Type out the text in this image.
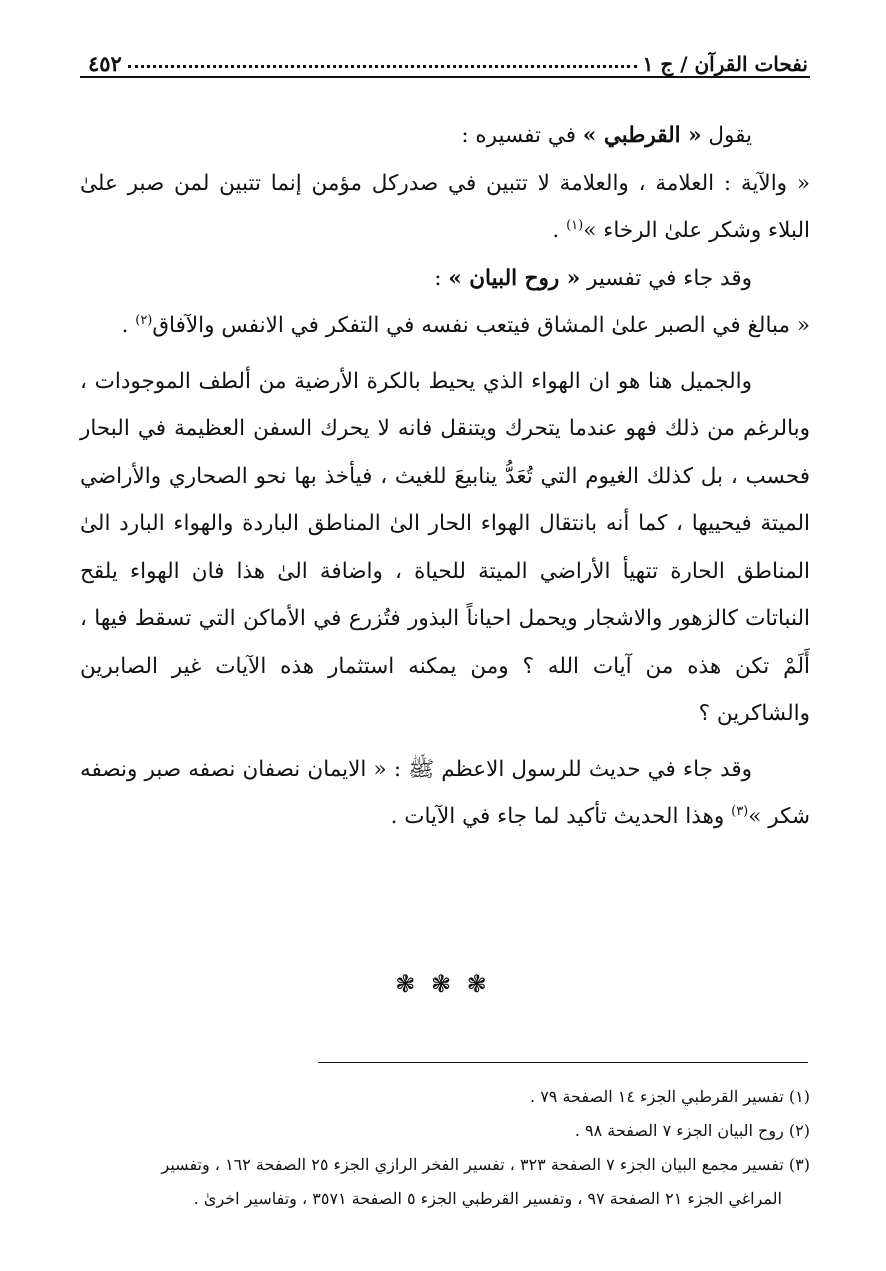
نفحات القرآن / ج ١
٤٥٢

يقول « القرطبي » في تفسيره :

« والآية : العلامة ، والعلامة لا تتبين في صدركل مؤمن إنما تتبين لمن صبر علىٰ البلاء وشكر علىٰ الرخاء »$^{(١)}$ .

وقد جاء في تفسير « روح البيان » :

« مبالغ في الصبر علىٰ المشاق فيتعب نفسه في التفكر في الانفس والآفاق$^{(٢)}$ .

والجميل هنا هو ان الهواء الذي يحيط بالكرة الأرضية من ألطف الموجودات ، وبالرغم من ذلك فهو عندما يتحرك ويتنقل فانه لا يحرك السفن العظيمة في البحار فحسب ، بل كذلك الغيوم التي تُعَدُّ ينابيعَ للغيث ، فيأخذ بها نحو الصحاري والأراضي الميتة فيحييها ، كما أنه بانتقال الهواء الحار الىٰ المناطق الباردة والهواء البارد الىٰ المناطق الحارة تتهيأ الأراضي الميتة للحياة ، واضافة الىٰ هذا فان الهواء يلقح النباتات كالزهور والاشجار ويحمل احياناً البذور فتُزرع في الأماكن التي تسقط فيها ، أَلَمْ تكن هذه من آيات الله ؟ ومن يمكنه استثمار هذه الآيات غير الصابرين والشاكرين ؟

وقد جاء في حديث للرسول الاعظم ﷺ : « الايمان نصفان نصفه صبر ونصفه شكر »$^{(٣)}$ وهذا الحديث تأكيد لما جاء في الآيات .

❃ ❃ ❃

(١) تفسير القرطبي الجزء ١٤ الصفحة ٧٩ .

(٢) روح البيان الجزء ٧ الصفحة ٩٨ .

(٣) تفسير مجمع البيان الجزء ٧ الصفحة ٣٢٣ ، تفسير الفخر الرازي الجزء ٢٥ الصفحة ١٦٢ ، وتفسير

المراغي الجزء ٢١ الصفحة ٩٧ ، وتفسير القرطبي الجزء ٥ الصفحة ٣٥٧١ ، وتفاسير اخرىٰ .
